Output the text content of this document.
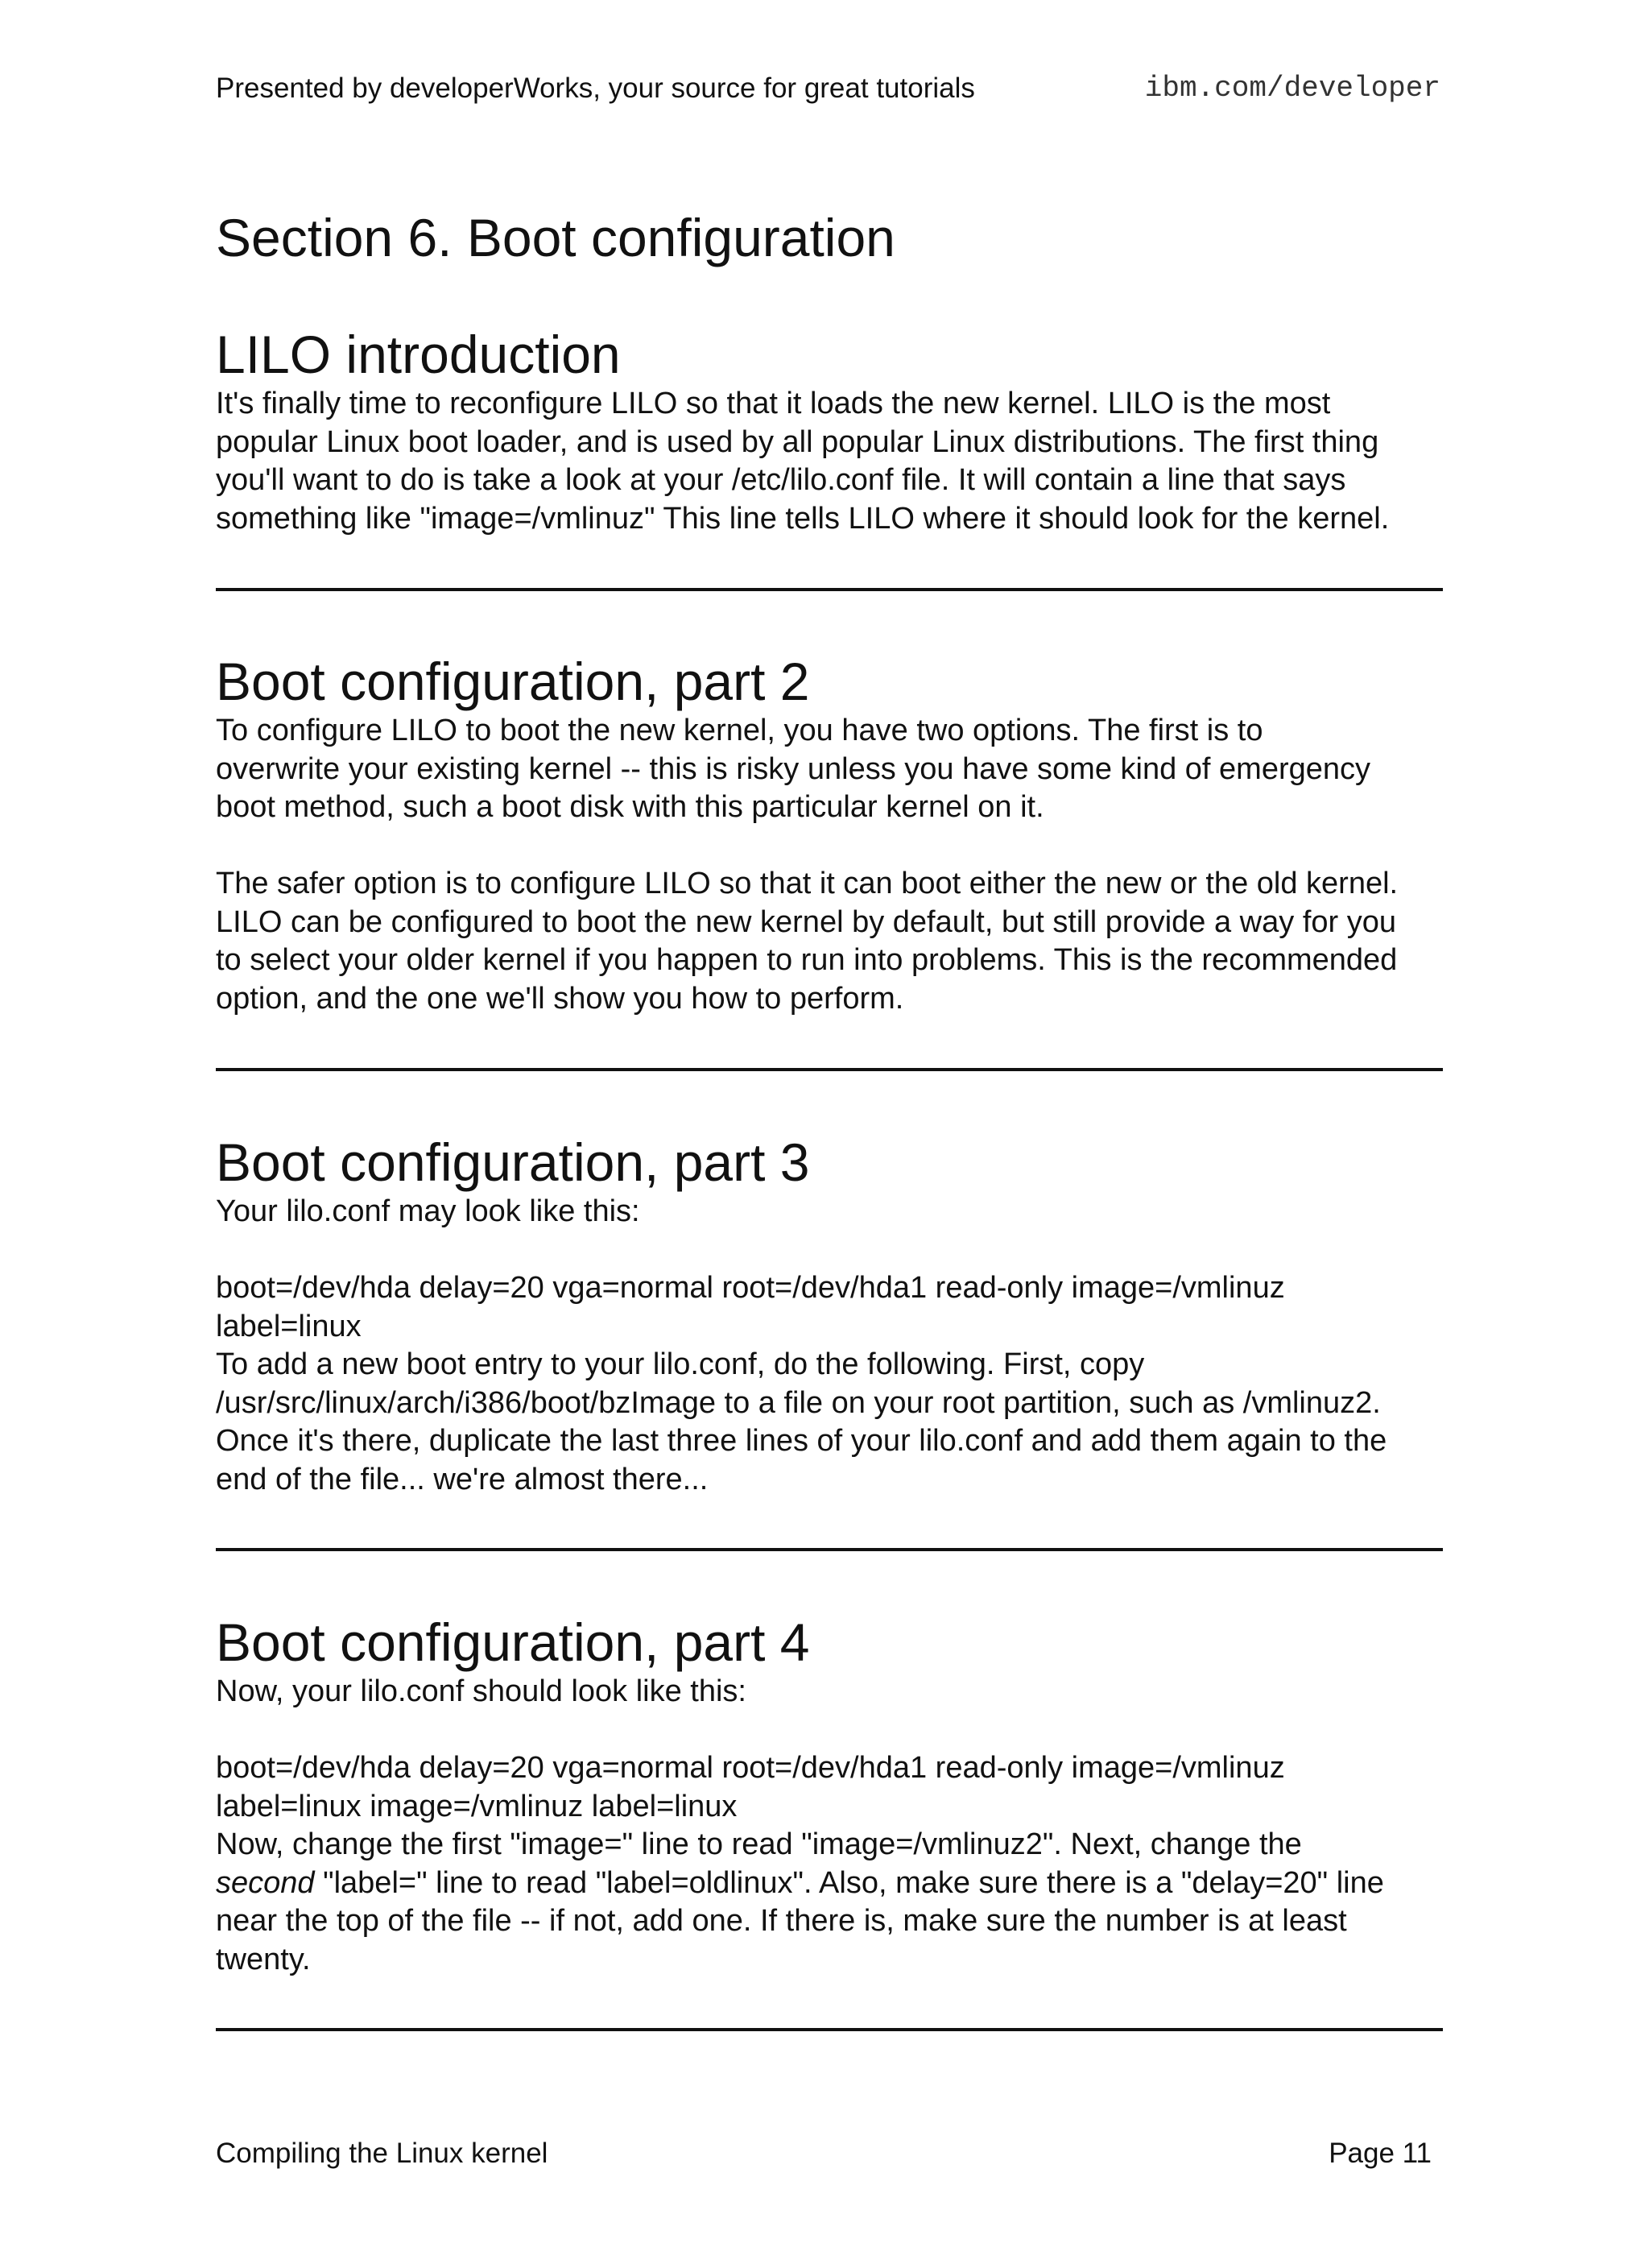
Presented by developerWorks, your source for great tutorials	ibm.com/developer
Section 6. Boot configuration
LILO introduction

It's finally time to reconfigure LILO so that it loads the new kernel. LILO is the most
popular Linux boot loader, and is used by all popular Linux distributions. The first thing
you'll want to do is take a look at your /etc/lilo.conf file. It will contain a line that says
something like "image=/vmlinuz" This line tells LILO where it should look for the kernel.

Boot configuration, part 2

To configure LILO to boot the new kernel, you have two options. The first is to
overwrite your existing kernel -- this is risky unless you have some kind of emergency
boot method, such a boot disk with this particular kernel on it.

The safer option is to configure LILO so that it can boot either the new or the old kernel.
LILO can be configured to boot the new kernel by default, but still provide a way for you
to select your older kernel if you happen to run into problems. This is the recommended
option, and the one we'll show you how to perform.

Boot configuration, part 3

Your lilo.conf may look like this:

boot=/dev/hda delay=20 vga=normal root=/dev/hda1 read-only image=/vmlinuz
label=linux

To add a new boot entry to your lilo.conf, do the following. First, copy
/usr/src/linux/arch/i386/boot/bzImage to a file on your root partition, such as /vmlinuz2.
Once it's there, duplicate the last three lines of your lilo.conf and add them again to the
end of the file... we're almost there...

Boot configuration, part 4

Now, your lilo.conf should look like this:

boot=/dev/hda delay=20 vga=normal root=/dev/hda1 read-only image=/vmlinuz
label=linux image=/vmlinuz label=linux

Now, change the first "image=" line to read "image=/vmlinuz2". Next, change the
second "label=" line to read "label=oldlinux". Also, make sure there is a "delay=20" line
near the top of the file -- if not, add one. If there is, make sure the number is at least
twenty.

Compiling the Linux kernel	Page 11
